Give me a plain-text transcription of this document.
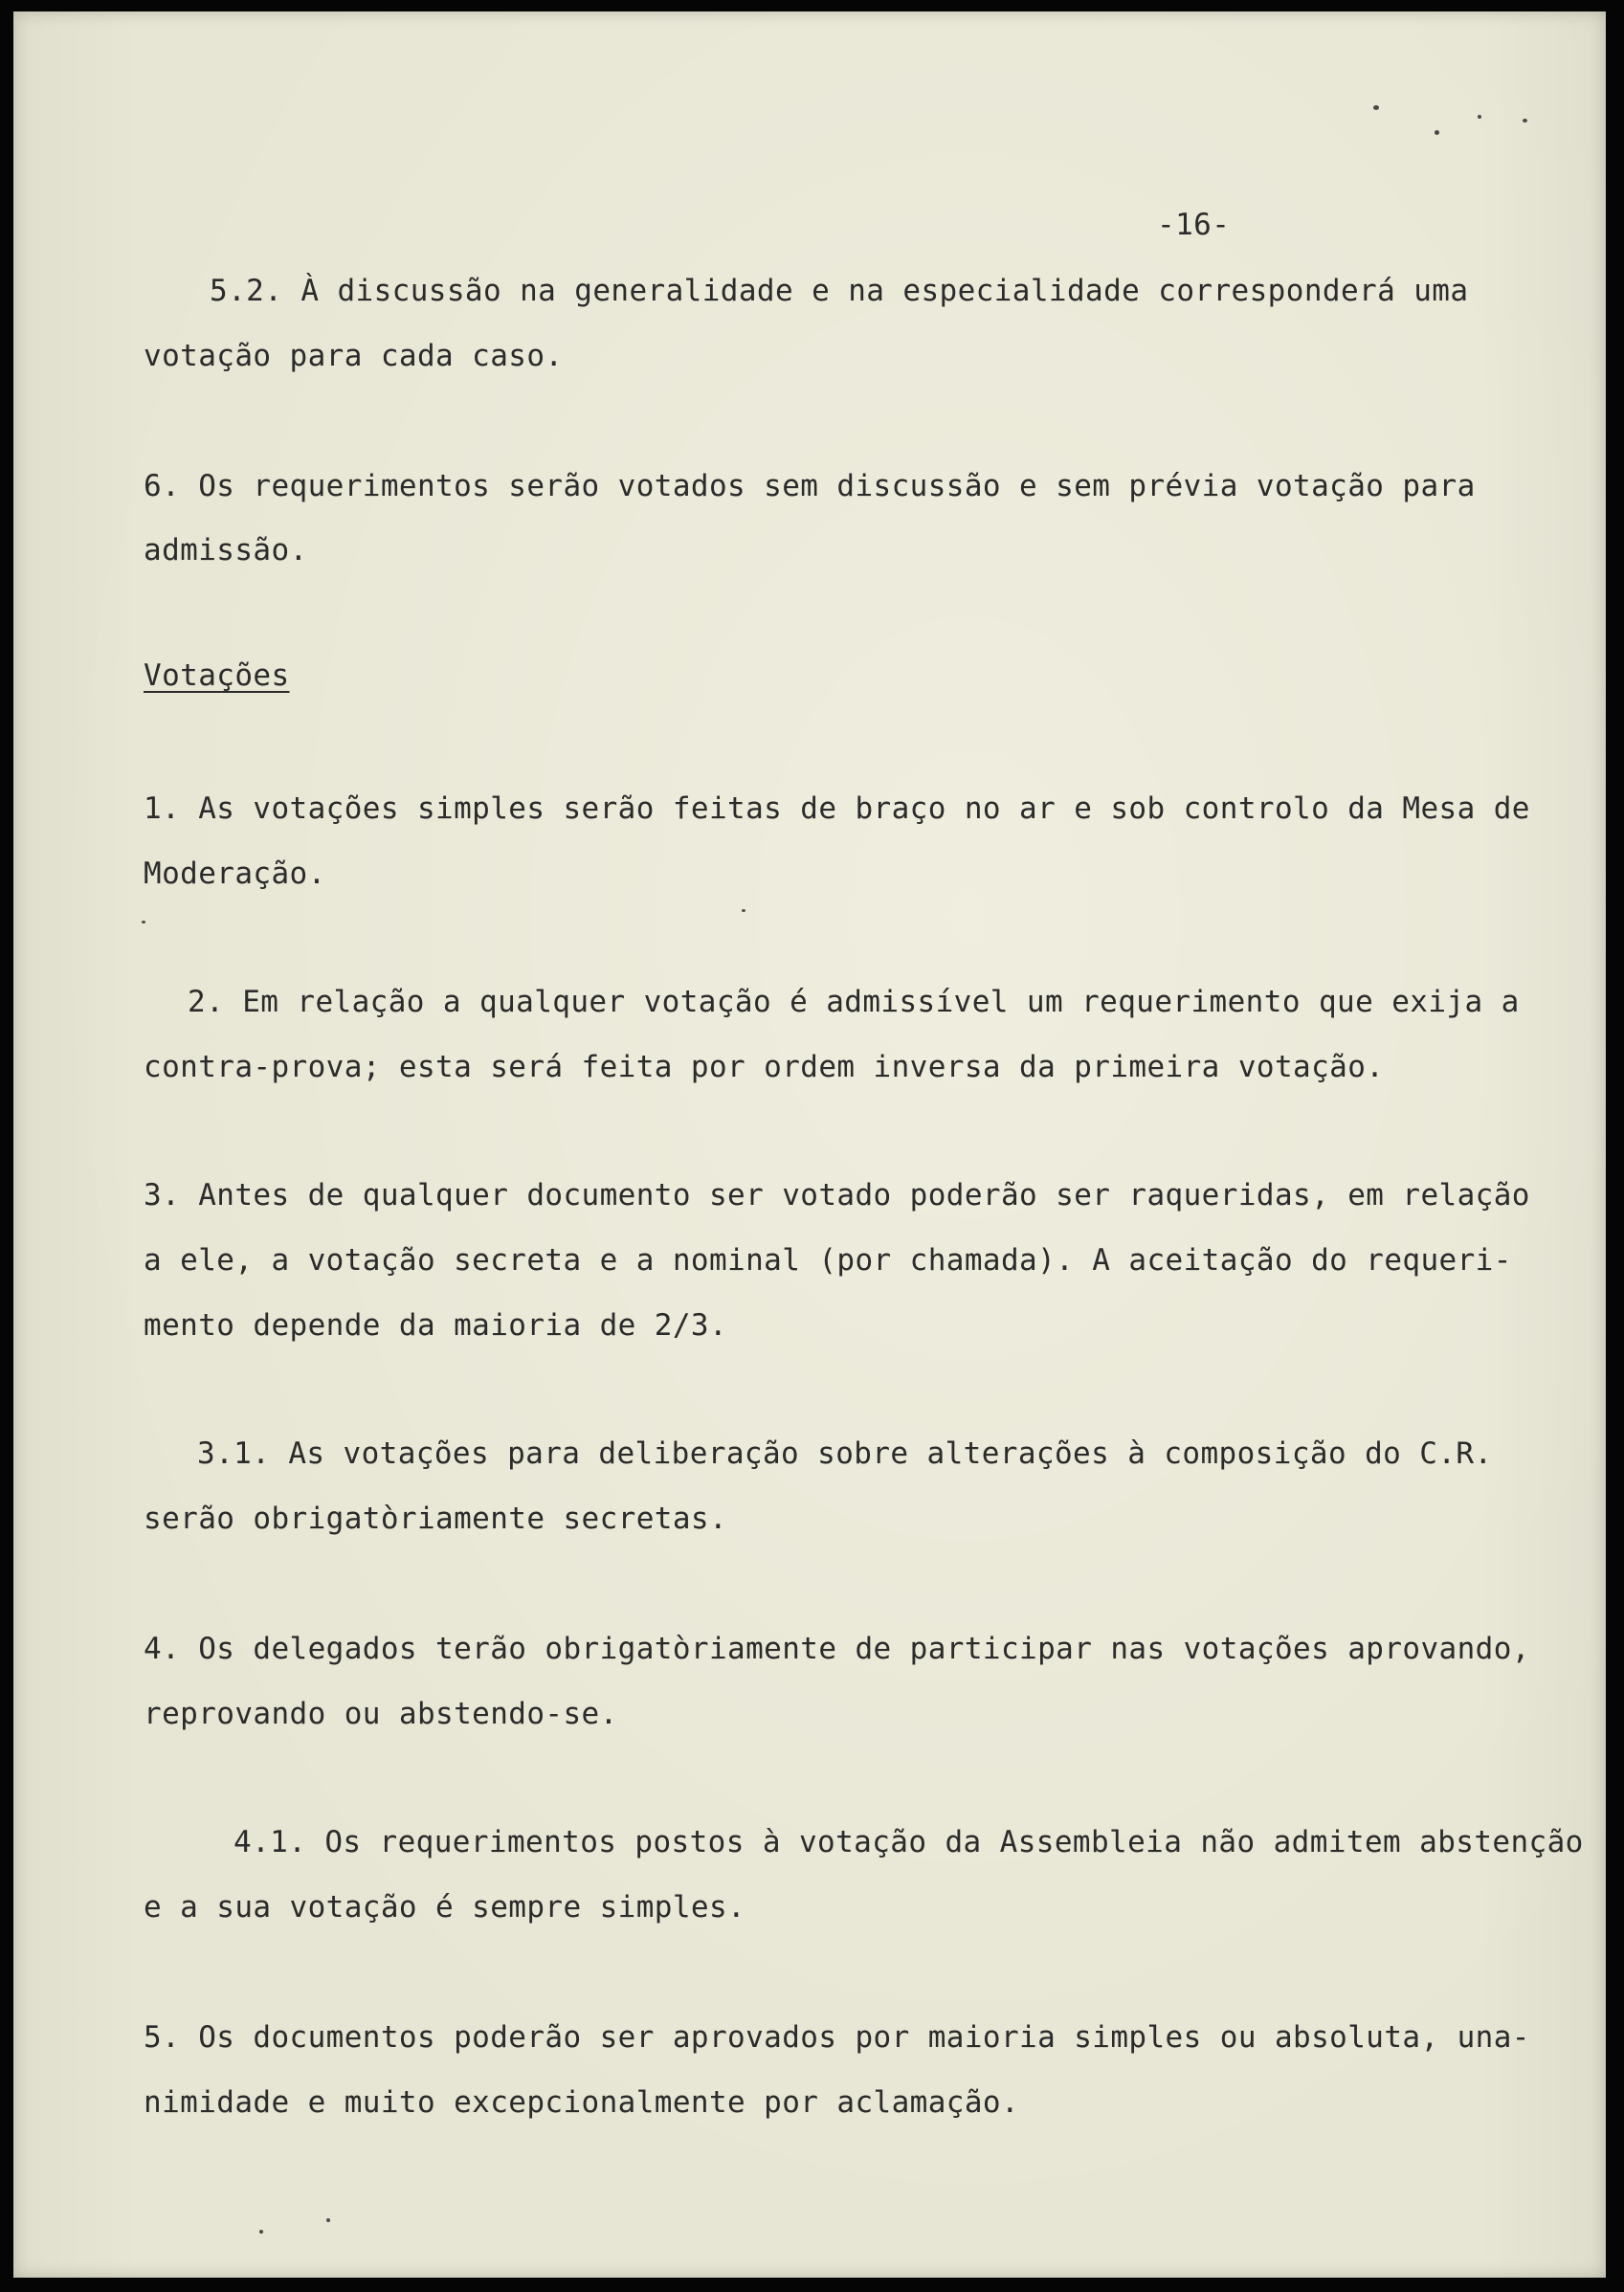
-16-
5.2. À discussão na generalidade e na especialidade corresponderá uma
votação para cada caso.
6. Os requerimentos serão votados sem discussão e sem prévia votação para
admissão.
Votações
1. As votações simples serão feitas de braço no ar e sob controlo da Mesa de
Moderação.
2. Em relação a qualquer votação é admissível um requerimento que exija a
contra-prova; esta será feita por ordem inversa da primeira votação.
3. Antes de qualquer documento ser votado poderão ser raqueridas, em relação
a ele, a votação secreta e a nominal (por chamada). A aceitação do requeri-
mento depende da maioria de 2/3.
3.1. As votações para deliberação sobre alterações à composição do C.R.
serão obrigatòriamente secretas.
4. Os delegados terão obrigatòriamente de participar nas votações aprovando,
reprovando ou abstendo-se.
4.1. Os requerimentos postos à votação da Assembleia não admitem abstenção
e a sua votação é sempre simples.
5. Os documentos poderão ser aprovados por maioria simples ou absoluta, una-
nimidade e muito excepcionalmente por aclamação.
